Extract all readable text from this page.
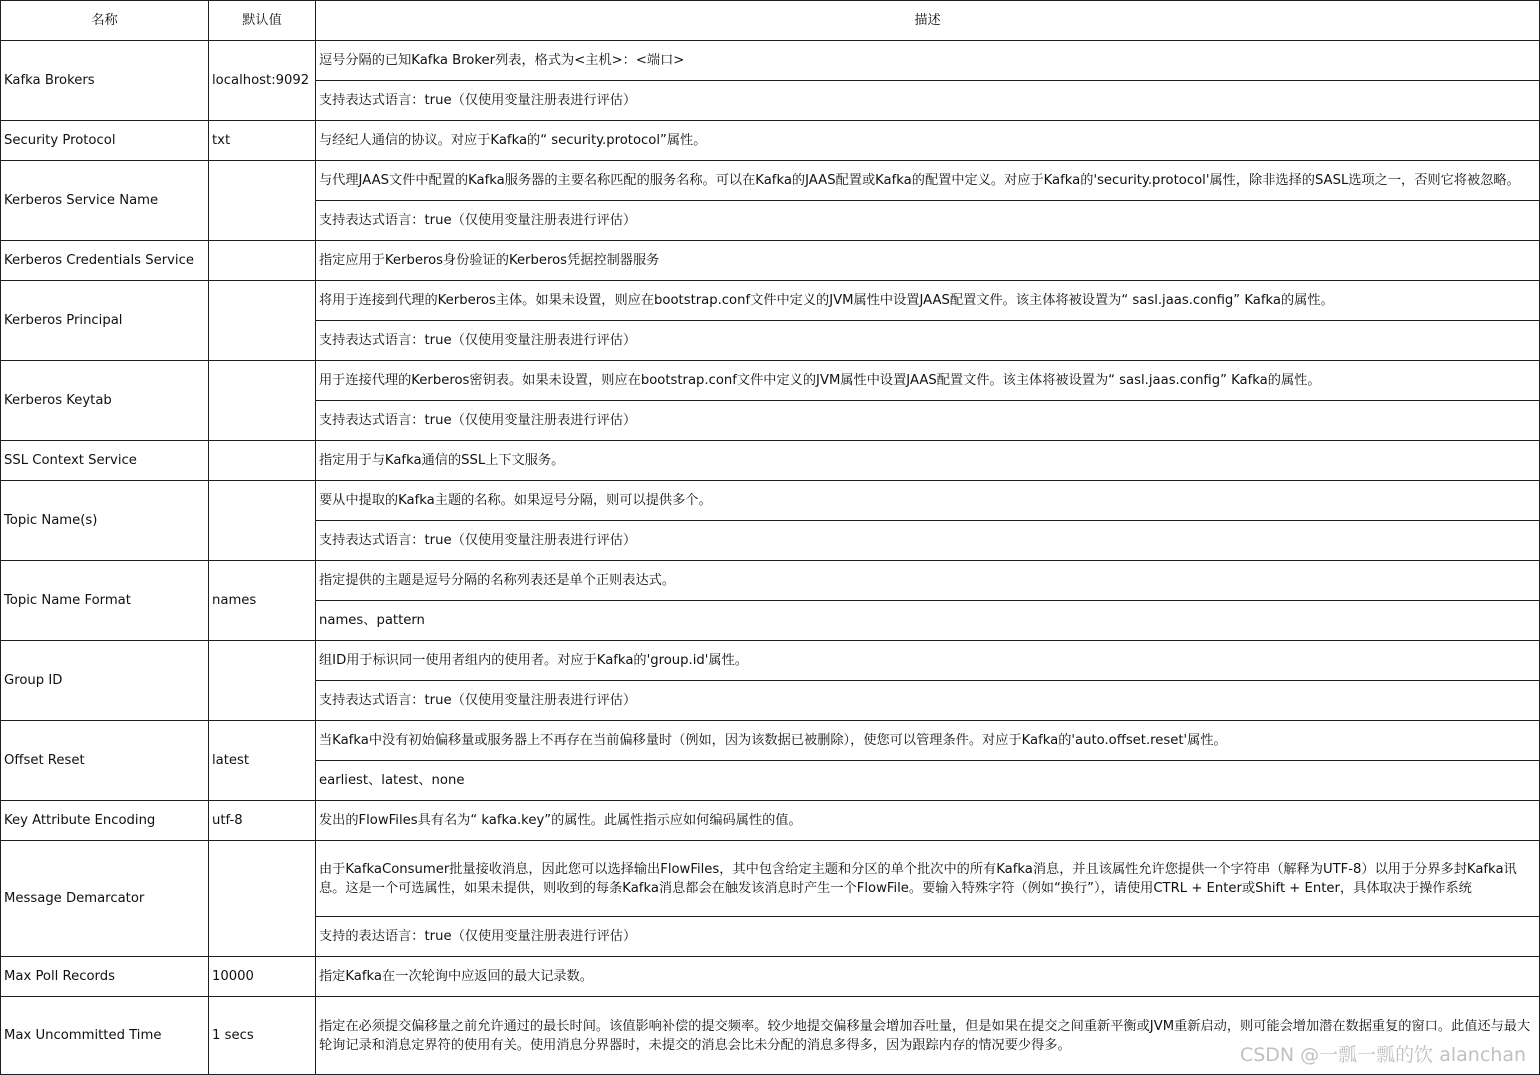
名称	默认值	描述
Kafka Brokers	localhost:9092	逗号分隔的已知Kafka Broker列表，格式为<主机>：<端口>
		支持表达式语言：true（仅使用变量注册表进行评估）
Security Protocol	txt	与经纪人通信的协议。对应于Kafka的“ security.protocol”属性。
Kerberos Service Name		与代理JAAS文件中配置的Kafka服务器的主要名称匹配的服务名称。可以在Kafka的JAAS配置或Kafka的配置中定义。对应于Kafka的'security.protocol'属性，除非选择的SASL选项之一，否则它将被忽略。
		支持表达式语言：true（仅使用变量注册表进行评估）
Kerberos Credentials Service		指定应用于Kerberos身份验证的Kerberos凭据控制器服务
Kerberos Principal		将用于连接到代理的Kerberos主体。如果未设置，则应在bootstrap.conf文件中定义的JVM属性中设置JAAS配置文件。该主体将被设置为“ sasl.jaas.config” Kafka的属性。
		支持表达式语言：true（仅使用变量注册表进行评估）
Kerberos Keytab		用于连接代理的Kerberos密钥表。如果未设置，则应在bootstrap.conf文件中定义的JVM属性中设置JAAS配置文件。该主体将被设置为“ sasl.jaas.config” Kafka的属性。
		支持表达式语言：true（仅使用变量注册表进行评估）
SSL Context Service		指定用于与Kafka通信的SSL上下文服务。
Topic Name(s)		要从中提取的Kafka主题的名称。如果逗号分隔，则可以提供多个。
		支持表达式语言：true（仅使用变量注册表进行评估）
Topic Name Format	names	指定提供的主题是逗号分隔的名称列表还是单个正则表达式。
		names、pattern
Group ID		组ID用于标识同一使用者组内的使用者。对应于Kafka的'group.id'属性。
		支持表达式语言：true（仅使用变量注册表进行评估）
Offset Reset	latest	当Kafka中没有初始偏移量或服务器上不再存在当前偏移量时（例如，因为该数据已被删除），使您可以管理条件。对应于Kafka的'auto.offset.reset'属性。
		earliest、latest、none
Key Attribute Encoding	utf-8	发出的FlowFiles具有名为“ kafka.key”的属性。此属性指示应如何编码属性的值。
Message Demarcator		由于KafkaConsumer批量接收消息，因此您可以选择输出FlowFiles，其中包含给定主题和分区的单个批次中的所有Kafka消息，并且该属性允许您提供一个字符串（解释为UTF-8）以用于分界多封Kafka讯息。这是一个可选属性，如果未提供，则收到的每条Kafka消息都会在触发该消息时产生一个FlowFile。要输入特殊字符（例如“换行”），请使用CTRL + Enter或Shift + Enter，具体取决于操作系统
		支持的表达语言：true（仅使用变量注册表进行评估）
Max Poll Records	10000	指定Kafka在一次轮询中应返回的最大记录数。
Max Uncommitted Time	1 secs	指定在必须提交偏移量之前允许通过的最长时间。该值影响补偿的提交频率。较少地提交偏移量会增加吞吐量，但是如果在提交之间重新平衡或JVM重新启动，则可能会增加潜在数据重复的窗口。此值还与最大轮询记录和消息定界符的使用有关。使用消息分界器时，未提交的消息会比未分配的消息多得多，因为跟踪内存的情况要少得多。	CSDN @一瓢一瓢的饮 alanchan
